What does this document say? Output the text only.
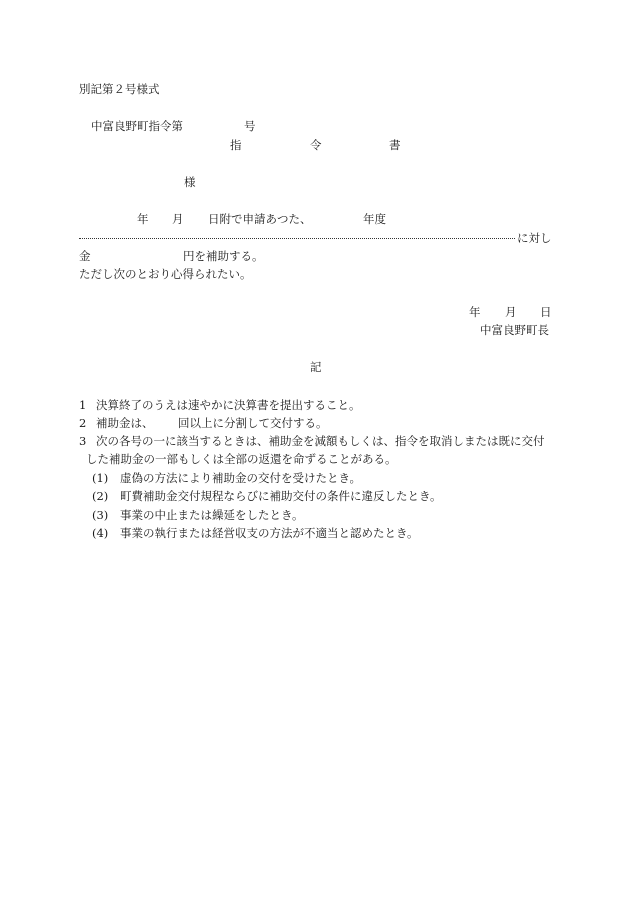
別記第２号様式
中富良野町指令第	号
指	令	書
様
年 月 日附で申請あつた、	年度
に対し
金	円を補助する。
ただし次のとおり心得られたい。
年 月 日
中富良野町長
記
1 決算終了のうえは速やかに決算書を提出すること。
2 補助金は、 回以上に分割して交付する。
3 次の各号の一に該当するときは、補助金を減額もしくは、指令を取消しまたは既に交付
した補助金の一部もしくは全部の返還を命ずることがある。
(1) 虚偽の方法により補助金の交付を受けたとき。
(2) 町費補助金交付規程ならびに補助交付の条件に違反したとき。
(3) 事業の中止または繰延をしたとき。
(4) 事業の執行または経営収支の方法が不適当と認めたとき。
